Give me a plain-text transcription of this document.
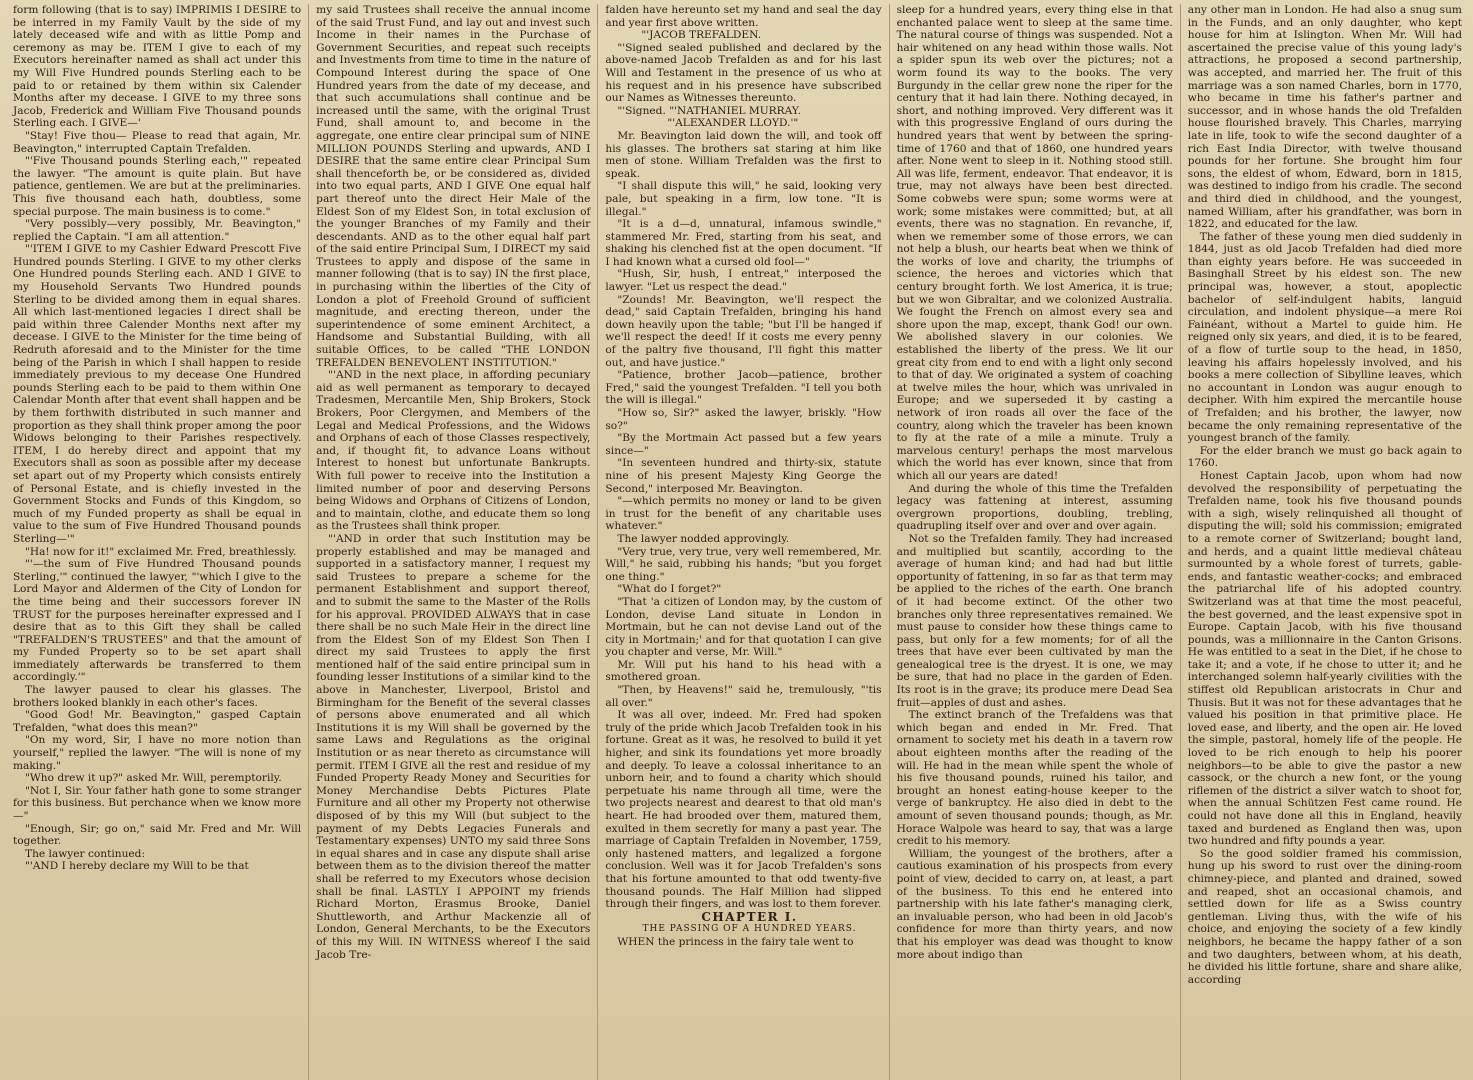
form following (that is to say) IMPRIMIS I DESIRE to be interred in my Family Vault by the side of my lately deceased wife and with as little Pomp and ceremony as may be. ITEM I give to each of my Executors hereinafter named as shall act under this my Will Five Hundred pounds Sterling each to be paid to or retained by them within six Calender Months after my decease. I GIVE to my three sons Jacob, Frederick and William Five Thousand pounds Sterling each. I GIVE—'

"Stay! Five thou— Please to read that again, Mr. Beavington," interrupted Captain Trefalden.

"'Five Thousand pounds Sterling each,'" repeated the lawyer. "The amount is quite plain. But have patience, gentlemen. We are but at the preliminaries. This five thousand each hath, doubtless, some special purpose. The main business is to come."

"Very possibly—very possibly, Mr. Beavington," replied the Captain. "I am all attention."

"'ITEM I GIVE to my Cashier Edward Prescott Five Hundred pounds Sterling. I GIVE to my other clerks One Hundred pounds Sterling each. AND I GIVE to my Household Servants Two Hundred pounds Sterling to be divided among them in equal shares. All which last-mentioned legacies I direct shall be paid within three Calender Months next after my decease. I GIVE to the Minister for the time being of Redruth aforesaid and to the Minister for the time being of the Parish in which I shall happen to reside immediately previous to my decease One Hundred pounds Sterling each to be paid to them within One Calendar Month after that event shall happen and be by them forthwith distributed in such manner and proportion as they shall think proper among the poor Widows belonging to their Parishes respectively. ITEM, I do hereby direct and appoint that my Executors shall as soon as possible after my decease set apart out of my Property which consists entirely of Personal Estate, and is chiefly invested in the Government Stocks and Funds of this Kingdom, so much of my Funded property as shall be equal in value to the sum of Five Hundred Thousand pounds Sterling—'"

"Ha! now for it!" exclaimed Mr. Fred, breathlessly.

"'—the sum of Five Hundred Thousand pounds Sterling,'" continued the lawyer, "'which I give to the Lord Mayor and Aldermen of the City of London for the time being and their successors forever IN TRUST for the purposes hereinafter expressed and I desire that as to this Gift they shall be called "TREFALDEN'S TRUSTEES" and that the amount of my Funded Property so to be set apart shall immediately afterwards be transferred to them accordingly.'"

The lawyer paused to clear his glasses. The brothers looked blankly in each other's faces.

"Good God! Mr. Beavington," gasped Captain Trefalden, "what does this mean?"

"On my word, Sir, I have no more notion than yourself," replied the lawyer. "The will is none of my making."

"Who drew it up?" asked Mr. Will, peremptorily.

"Not I, Sir. Your father hath gone to some stranger for this business. But perchance when we know more—"

"Enough, Sir; go on," said Mr. Fred and Mr. Will together.

The lawyer continued:

"'AND I hereby declare my Will to be that

my said Trustees shall receive the annual income of the said Trust Fund, and lay out and invest such Income in their names in the Purchase of Government Securities, and repeat such receipts and Investments from time to time in the nature of Compound Interest during the space of One Hundred years from the date of my decease, and that such accumulations shall continue and be increased until the same, with the original Trust Fund, shall amount to, and become in the aggregate, one entire clear principal sum of NINE MILLION POUNDS Sterling and upwards, AND I DESIRE that the same entire clear Principal Sum shall thenceforth be, or be considered as, divided into two equal parts, AND I GIVE One equal half part thereof unto the direct Heir Male of the Eldest Son of my Eldest Son, in total exclusion of the younger Branches of my Family and their descendants. AND as to the other equal half part of the said entire Principal Sum, I DIRECT my said Trustees to apply and dispose of the same in manner following (that is to say) IN the first place, in purchasing within the liberties of the City of London a plot of Freehold Ground of sufficient magnitude, and erecting thereon, under the superintendence of some eminent Architect, a Handsome and Substantial Building, with all suitable Offices, to be called "THE LONDON TREFALDEN BENEVOLENT INSTITUTION."

"'AND in the next place, in affording pecuniary aid as well permanent as temporary to decayed Tradesmen, Mercantile Men, Ship Brokers, Stock Brokers, Poor Clergymen, and Members of the Legal and Medical Professions, and the Widows and Orphans of each of those Classes respectively, and, if thought fit, to advance Loans without Interest to honest but unfortunate Bankrupts. With full power to receive into the Institution a limited number of poor and deserving Persons being Widows and Orphans of Citizens of London, and to maintain, clothe, and educate them so long as the Trustees shall think proper.

"'AND in order that such Institution may be properly established and may be managed and supported in a satisfactory manner, I request my said Trustees to prepare a scheme for the permanent Establishment and support thereof, and to submit the same to the Master of the Rolls for his approval. PROVIDED ALWAYS that in case there shall be no such Male Heir in the direct line from the Eldest Son of my Eldest Son Then I direct my said Trustees to apply the first mentioned half of the said entire principal sum in founding lesser Institutions of a similar kind to the above in Manchester, Liverpool, Bristol and Birmingham for the Benefit of the several classes of persons above enumerated and all which Institutions it is my Will shall be governed by the same Laws and Regulations as the original Institution or as near thereto as circumstance will permit. ITEM I GIVE all the rest and residue of my Funded Property Ready Money and Securities for Money Merchandise Debts Pictures Plate Furniture and all other my Property not otherwise disposed of by this my Will (but subject to the payment of my Debts Legacies Funerals and Testamentary expenses) UNTO my said three Sons in equal shares and in case any dispute shall arise between them as to the division thereof the matter shall be referred to my Executors whose decision shall be final. LASTLY I APPOINT my friends Richard Morton, Erasmus Brooke, Daniel Shuttleworth, and Arthur Mackenzie all of London, General Merchants, to be the Executors of this my Will. IN WITNESS whereof I the said Jacob Tre-

falden have hereunto set my hand and seal the day and year first above written.

"'JACOB TREFALDEN.

"'Signed sealed published and declared by the above-named Jacob Trefalden as and for his last Will and Testament in the presence of us who at his request and in his presence have subscribed our Names as Witnesses thereunto.

"'Signed. "'NATHANIEL MURRAY.

"'ALEXANDER LLOYD.'"

Mr. Beavington laid down the will, and took off his glasses. The brothers sat staring at him like men of stone. William Trefalden was the first to speak.

"I shall dispute this will," he said, looking very pale, but speaking in a firm, low tone. "It is illegal."

"It is a d—d, unnatural, infamous swindle," stammered Mr. Fred, starting from his seat, and shaking his clenched fist at the open document. "If I had known what a cursed old fool—"

"Hush, Sir, hush, I entreat," interposed the lawyer. "Let us respect the dead."

"Zounds! Mr. Beavington, we'll respect the dead," said Captain Trefalden, bringing his hand down heavily upon the table; "but I'll be hanged if we'll respect the deed! If it costs me every penny of the paltry five thousand, I'll fight this matter out, and have justice."

"Patience, brother Jacob—patience, brother Fred," said the youngest Trefalden. "I tell you both the will is illegal."

"How so, Sir?" asked the lawyer, briskly. "How so?"

"By the Mortmain Act passed but a few years since—"

"In seventeen hundred and thirty-six, statute nine of his present Majesty King George the Second," interposed Mr. Beavington.

"—which permits no money or land to be given in trust for the benefit of any charitable uses whatever."

The lawyer nodded approvingly.

"Very true, very true, very well remembered, Mr. Will," he said, rubbing his hands; "but you forget one thing."

"What do I forget?"

"That 'a citizen of London may, by the custom of London, devise Land situate in London in Mortmain, but he can not devise Land out of the city in Mortmain;' and for that quotation I can give you chapter and verse, Mr. Will."

Mr. Will put his hand to his head with a smothered groan.

"Then, by Heavens!" said he, tremulously, "'tis all over."

It was all over, indeed. Mr. Fred had spoken truly of the pride which Jacob Trefalden took in his fortune. Great as it was, he resolved to build it yet higher, and sink its foundations yet more broadly and deeply. To leave a colossal inheritance to an unborn heir, and to found a charity which should perpetuate his name through all time, were the two projects nearest and dearest to that old man's heart. He had brooded over them, matured them, exulted in them secretly for many a past year. The marriage of Captain Trefalden in November, 1759, only hastened matters, and legalized a forgone conclusion. Well was it for Jacob Trefalden's sons that his fortune amounted to that odd twenty-five thousand pounds. The Half Million had slipped through their fingers, and was lost to them forever.

CHAPTER I.

THE PASSING OF A HUNDRED YEARS.

WHEN the princess in the fairy tale went to

sleep for a hundred years, every thing else in that enchanted palace went to sleep at the same time. The natural course of things was suspended. Not a hair whitened on any head within those walls. Not a spider spun its web over the pictures; not a worm found its way to the books. The very Burgundy in the cellar grew none the riper for the century that it had lain there. Nothing decayed, in short, and nothing improved. Very different was it with this progressive England of ours during the hundred years that went by between the spring-time of 1760 and that of 1860, one hundred years after. None went to sleep in it. Nothing stood still. All was life, ferment, endeavor. That endeavor, it is true, may not always have been best directed. Some cobwebs were spun; some worms were at work; some mistakes were committed; but, at all events, there was no stagnation. En revanche, if, when we remember some of those errors, we can not help a blush, our hearts beat when we think of the works of love and charity, the triumphs of science, the heroes and victories which that century brought forth. We lost America, it is true; but we won Gibraltar, and we colonized Australia. We fought the French on almost every sea and shore upon the map, except, thank God! our own. We abolished slavery in our colonies. We established the liberty of the press. We lit our great city from end to end with a light only second to that of day. We originated a system of coaching at twelve miles the hour, which was unrivaled in Europe; and we superseded it by casting a network of iron roads all over the face of the country, along which the traveler has been known to fly at the rate of a mile a minute. Truly a marvelous century! perhaps the most marvelous which the world has ever known, since that from which all our years are dated!

And during the whole of this time the Trefalden legacy was fattening at interest, assuming overgrown proportions, doubling, trebling, quadrupling itself over and over and over again.

Not so the Trefalden family. They had increased and multiplied but scantily, according to the average of human kind; and had had but little opportunity of fattening, in so far as that term may be applied to the riches of the earth. One branch of it had become extinct. Of the other two branches only three representatives remained. We must pause to consider how these things came to pass, but only for a few moments; for of all the trees that have ever been cultivated by man the genealogical tree is the dryest. It is one, we may be sure, that had no place in the garden of Eden. Its root is in the grave; its produce mere Dead Sea fruit—apples of dust and ashes.

The extinct branch of the Trefaldens was that which began and ended in Mr. Fred. That ornament to society met his death in a tavern row about eighteen months after the reading of the will. He had in the mean while spent the whole of his five thousand pounds, ruined his tailor, and brought an honest eating-house keeper to the verge of bankruptcy. He also died in debt to the amount of seven thousand pounds; though, as Mr. Horace Walpole was heard to say, that was a large credit to his memory.

William, the youngest of the brothers, after a cautious examination of his prospects from every point of view, decided to carry on, at least, a part of the business. To this end he entered into partnership with his late father's managing clerk, an invaluable person, who had been in old Jacob's confidence for more than thirty years, and now that his employer was dead was thought to know more about indigo than

any other man in London. He had also a snug sum in the Funds, and an only daughter, who kept house for him at Islington. When Mr. Will had ascertained the precise value of this young lady's attractions, he proposed a second partnership, was accepted, and married her. The fruit of this marriage was a son named Charles, born in 1770, who became in time his father's partner and successor, and in whose hands the old Trefalden house flourished bravely. This Charles, marrying late in life, took to wife the second daughter of a rich East India Director, with twelve thousand pounds for her fortune. She brought him four sons, the eldest of whom, Edward, born in 1815, was destined to indigo from his cradle. The second and third died in childhood, and the youngest, named William, after his grandfather, was born in 1822, and educated for the law.

The father of these young men died suddenly in 1844, just as old Jacob Trefalden had died more than eighty years before. He was succeeded in Basinghall Street by his eldest son. The new principal was, however, a stout, apoplectic bachelor of self-indulgent habits, languid circulation, and indolent physique—a mere Roi Fainéant, without a Martel to guide him. He reigned only six years, and died, it is to be feared, of a flow of turtle soup to the head, in 1850, leaving his affairs hopelessly involved, and his books a mere collection of Sibylline leaves, which no accountant in London was augur enough to decipher. With him expired the mercantile house of Trefalden; and his brother, the lawyer, now became the only remaining representative of the youngest branch of the family.

For the elder branch we must go back again to 1760.

Honest Captain Jacob, upon whom had now devolved the responsibility of perpetuating the Trefalden name, took his five thousand pounds with a sigh, wisely relinquished all thought of disputing the will; sold his commission; emigrated to a remote corner of Switzerland; bought land, and herds, and a quaint little medieval château surmounted by a whole forest of turrets, gable-ends, and fantastic weather-cocks; and embraced the patriarchal life of his adopted country. Switzerland was at that time the most peaceful, the best governed, and the least expensive spot in Europe. Captain Jacob, with his five thousand pounds, was a millionnaire in the Canton Grisons. He was entitled to a seat in the Diet, if he chose to take it; and a vote, if he chose to utter it; and he interchanged solemn half-yearly civilities with the stiffest old Republican aristocrats in Chur and Thusis. But it was not for these advantages that he valued his position in that primitive place. He loved ease, and liberty, and the open air. He loved the simple, pastoral, homely life of the people. He loved to be rich enough to help his poorer neighbors—to be able to give the pastor a new cassock, or the church a new font, or the young riflemen of the district a silver watch to shoot for, when the annual Schützen Fest came round. He could not have done all this in England, heavily taxed and burdened as England then was, upon two hundred and fifty pounds a year.

So the good soldier framed his commission, hung up his sword to rust over the dining-room chimney-piece, and planted and drained, sowed and reaped, shot an occasional chamois, and settled down for life as a Swiss country gentleman. Living thus, with the wife of his choice, and enjoying the society of a few kindly neighbors, he became the happy father of a son and two daughters, between whom, at his death, he divided his little fortune, share and share alike, according
